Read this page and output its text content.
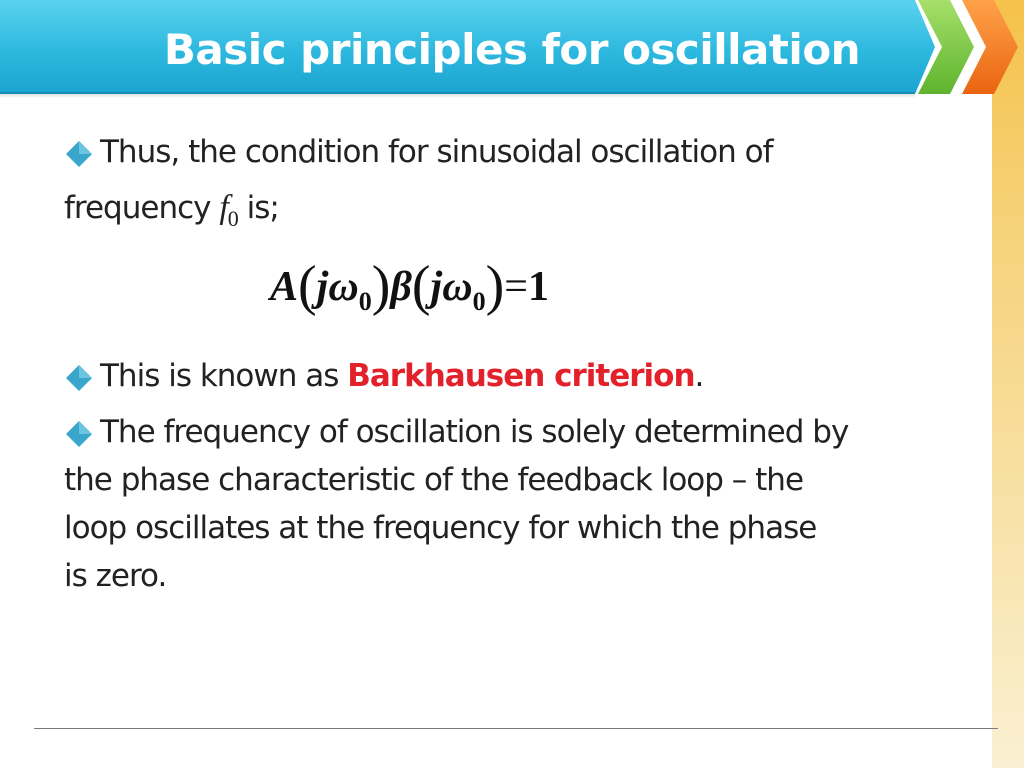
Basic principles for oscillation
Thus, the condition for sinusoidal oscillation of
frequency $f_0$ is;
$A(j\omega_0)\beta(j\omega_0)=1$
This is known as Barkhausen criterion.
The frequency of oscillation is solely determined by
the phase characteristic of the feedback loop – the
loop oscillates at the frequency for which the phase
is zero.
